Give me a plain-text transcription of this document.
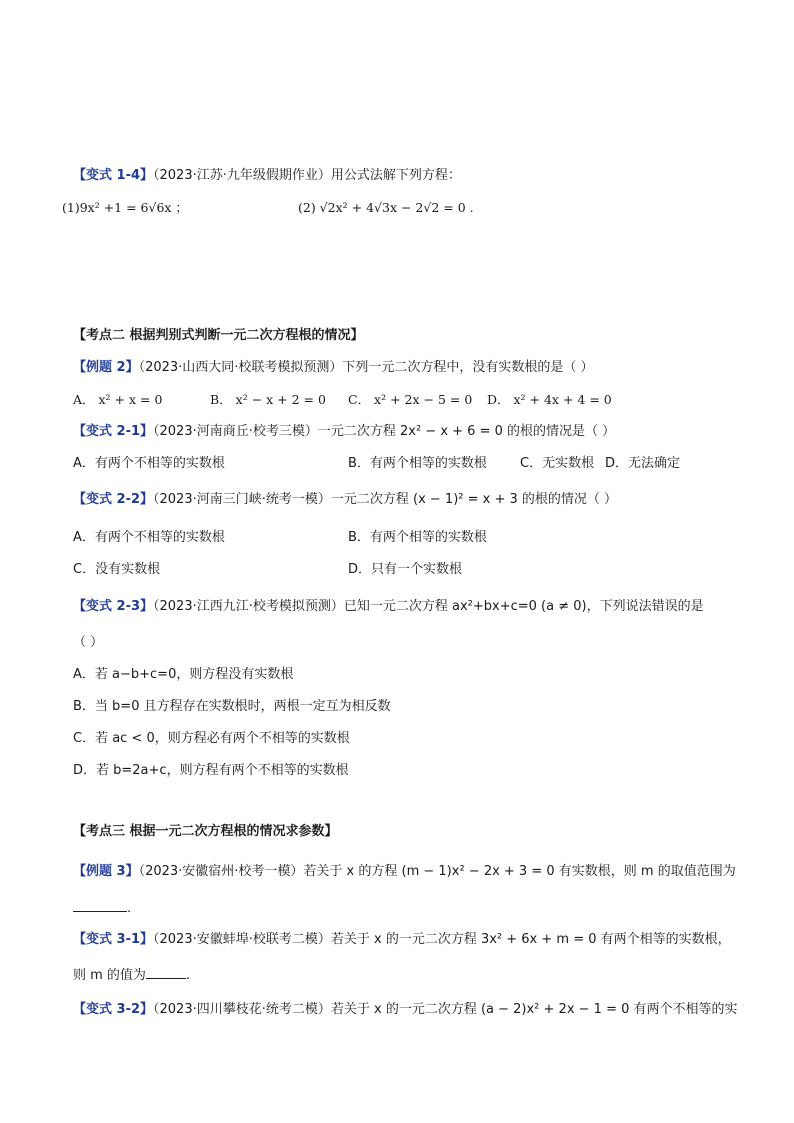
【变式 1-4】（2023·江苏·九年级假期作业）用公式法解下列方程：
(1)9x² +1 = 6√6x ；	(2) √2x² + 4√3x − 2√2 = 0 .
【考点二 根据判别式判断一元二次方程根的情况】
【例题 2】（2023·山西大同·校联考模拟预测）下列一元二次方程中，没有实数根的是（ ）
A． x² + x = 0	B． x² − x + 2 = 0 C． x² + 2x − 5 = 0 D． x² + 4x + 4 = 0
【变式 2-1】（2023·河南商丘·校考三模）一元二次方程 2x² − x + 6 = 0 的根的情况是（ ）
A．有两个不相等的实数根	B．有两个相等的实数根	C．无实数根 D．无法确定
【变式 2-2】（2023·河南三门峡·统考一模）一元二次方程 (x − 1)² = x + 3 的根的情况（ ）
A．有两个不相等的实数根	B．有两个相等的实数根
C．没有实数根	D．只有一个实数根
【变式 2-3】（2023·江西九江·校考模拟预测）已知一元二次方程 ax²+bx+c=0 (a ≠ 0)，下列说法错误的是
（ ）
A．若 a−b+c=0，则方程没有实数根
B．当 b=0 且方程存在实数根时，两根一定互为相反数
C．若 ac < 0，则方程必有两个不相等的实数根
D．若 b=2a+c，则方程有两个不相等的实数根
【考点三 根据一元二次方程根的情况求参数】
【例题 3】（2023·安徽宿州·校考一模）若关于 x 的方程 (m − 1)x² − 2x + 3 = 0 有实数根，则 m 的取值范围为
.
【变式 3-1】（2023·安徽蚌埠·校联考二模）若关于 x 的一元二次方程 3x² + 6x + m = 0 有两个相等的实数根，
则 m 的值为	.
【变式 3-2】（2023·四川攀枝花·统考二模）若关于 x 的一元二次方程 (a − 2)x² + 2x − 1 = 0 有两个不相等的实
